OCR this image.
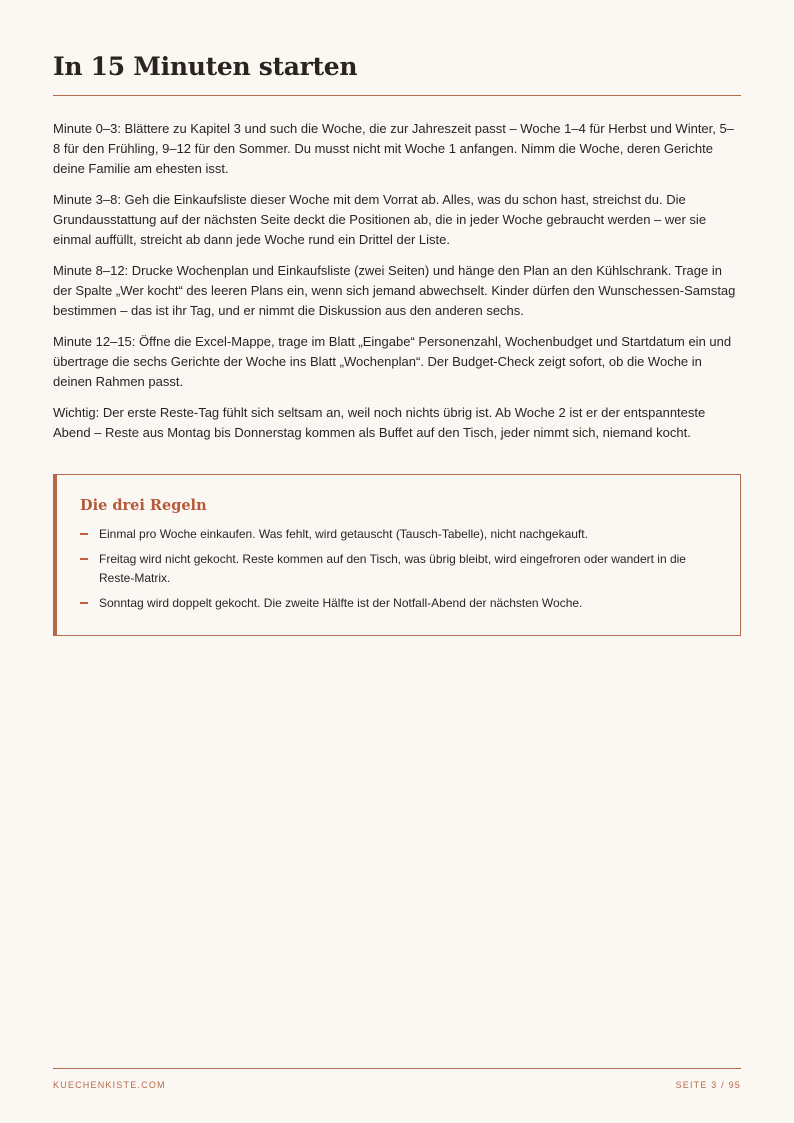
In 15 Minuten starten

Minute 0–3: Blättere zu Kapitel 3 und such die Woche, die zur Jahreszeit passt – Woche 1–4 für Herbst und Winter, 5–8 für den Frühling, 9–12 für den Sommer. Du musst nicht mit Woche 1 anfangen. Nimm die Woche, deren Gerichte deine Familie am ehesten isst.

Minute 3–8: Geh die Einkaufsliste dieser Woche mit dem Vorrat ab. Alles, was du schon hast, streichst du. Die Grundausstattung auf der nächsten Seite deckt die Positionen ab, die in jeder Woche gebraucht werden – wer sie einmal auffüllt, streicht ab dann jede Woche rund ein Drittel der Liste.

Minute 8–12: Drucke Wochenplan und Einkaufsliste (zwei Seiten) und hänge den Plan an den Kühlschrank. Trage in der Spalte „Wer kocht“ des leeren Plans ein, wenn sich jemand abwechselt. Kinder dürfen den Wunschessen-Samstag bestimmen – das ist ihr Tag, und er nimmt die Diskussion aus den anderen sechs.

Minute 12–15: Öffne die Excel-Mappe, trage im Blatt „Eingabe“ Personenzahl, Wochenbudget und Startdatum ein und übertrage die sechs Gerichte der Woche ins Blatt „Wochenplan“. Der Budget-Check zeigt sofort, ob die Woche in deinen Rahmen passt.

Wichtig: Der erste Reste-Tag fühlt sich seltsam an, weil noch nichts übrig ist. Ab Woche 2 ist er der entspannteste Abend – Reste aus Montag bis Donnerstag kommen als Buffet auf den Tisch, jeder nimmt sich, niemand kocht.

Die drei Regeln
Einmal pro Woche einkaufen. Was fehlt, wird getauscht (Tausch-Tabelle), nicht nachgekauft.
Freitag wird nicht gekocht. Reste kommen auf den Tisch, was übrig bleibt, wird eingefroren oder wandert in die Reste-Matrix.
Sonntag wird doppelt gekocht. Die zweite Hälfte ist der Notfall-Abend der nächsten Woche.
KUECHENKISTE.COM	SEITE 3 / 95
